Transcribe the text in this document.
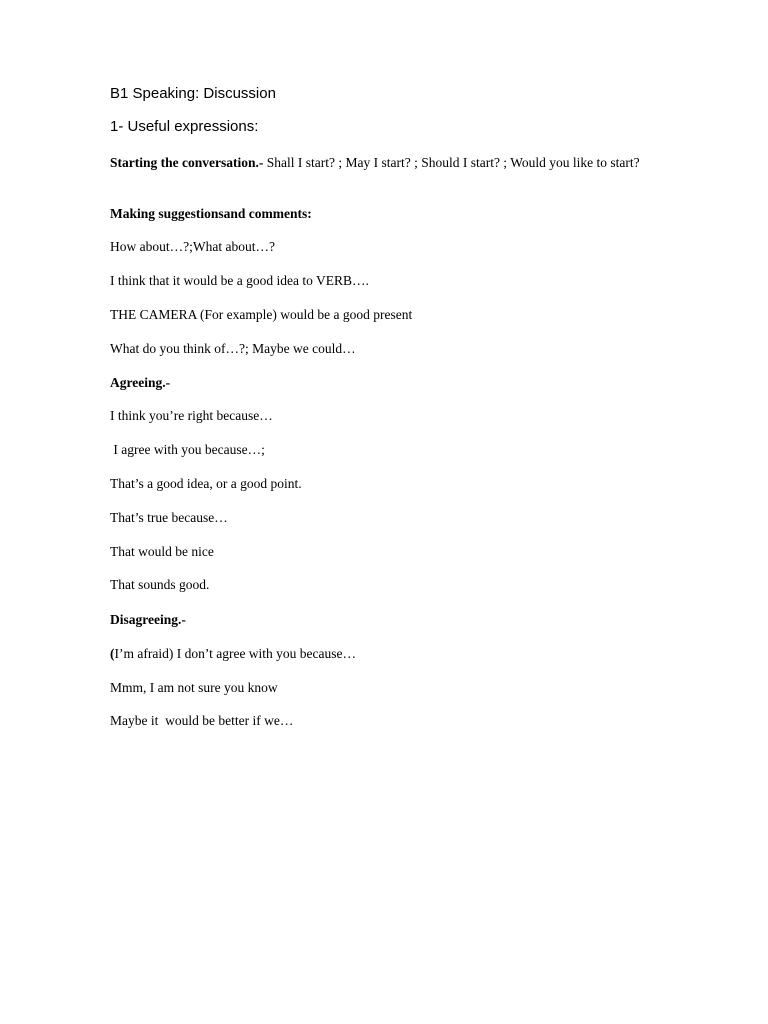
B1 Speaking: Discussion
1- Useful expressions:
Starting the conversation.- Shall I start? ; May I start? ; Should I start? ; Would you like to start?
Making suggestionsand comments:
How about…?;What about…?
I think that it would be a good idea to VERB….
THE CAMERA (For example) would be a good present
What do you think of…?; Maybe we could…
Agreeing.-
I think you’re right because…
I agree with you because…;
That’s a good idea, or a good point.
That’s true because…
That would be nice
That sounds good.
Disagreeing.-
(I’m afraid) I don’t agree with you because…
Mmm, I am not sure you know
Maybe it  would be better if we…
